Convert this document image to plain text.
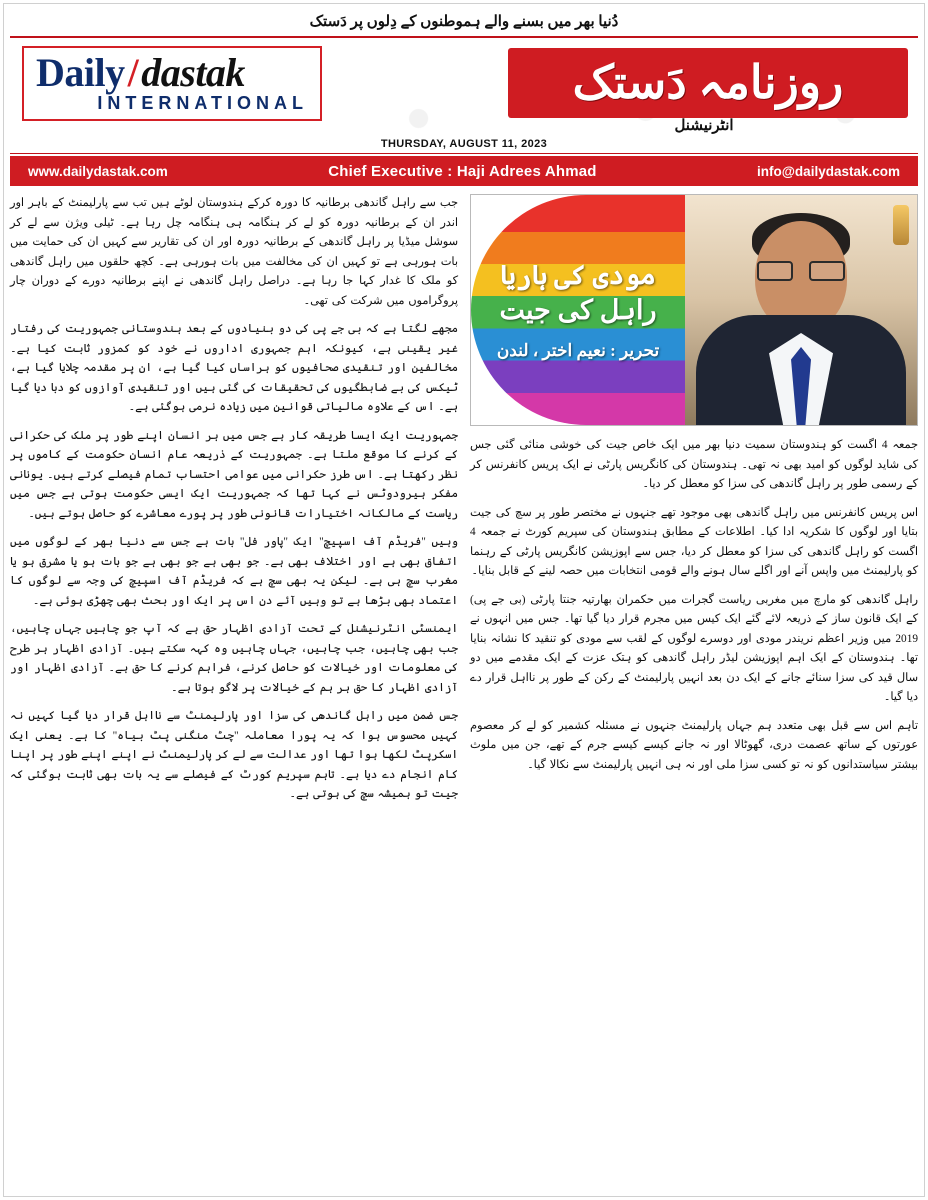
دُنیا بھر میں بسنے والے ہموطنوں کے دِلوں پر دَستک
Daily/dastak
INTERNATIONAL	روزنامہ دَستک
انٹرنیشنل
THURSDAY, AUGUST 11, 2023
www.dailydastak.com	Chief Executive : Haji Adrees Ahmad	info@dailydastak.com

جب سے راہل گاندھی برطانیہ کا دورہ کرکے ہندوستان لوٹے ہیں تب سے پارلیمنٹ کے باہر اور اندر ان کے برطانیہ دورہ کو لے کر ہنگامہ ہی ہنگامہ چل رہا ہے۔ ٹیلی ویژن سے لے کر سوشل میڈیا پر راہل گاندھی کے برطانیہ دورہ اور ان کی تقاریر سے کہیں ان کی حمایت میں بات ہورہی ہے تو کہیں ان کی مخالفت میں بات ہورہی ہے۔ کچھ حلقوں میں راہل گاندھی کو ملک کا غدار کہا جا رہا ہے۔ دراصل راہل گاندھی نے اپنے برطانیہ دورے کے دوران چار پروگراموں میں شرکت کی تھی۔

مجھے لگتا ہے کہ بی جے پی کی دو بنیادوں کے بعد ہندوستانی جمہوریت کی رفتار غیر یقینی ہے، کیونکہ اہم جمہوری اداروں نے خود کو کمزور ثابت کیا ہے۔ مخالفین اور تنقیدی صحافیوں کو ہراساں کیا گیا ہے، ان پر مقدمہ چلایا گیا ہے، ٹیکس کی بے ضابطگیوں کی تحقیقات کی گئی ہیں اور تنقیدی آوازوں کو دبا دیا گیا ہے۔ اس کے علاوہ مالیاتی قوانین میں زیادہ نرمی ہوگئی ہے۔

جمہوریت ایک ایسا طریقہ کار ہے جس میں ہر انسان اپنے طور پر ملک کی حکرانی کے کرنے کا موقع ملتا ہے۔ جمہوریت کے ذریعہ عام انسان حکومت کے کاموں پر نظر رکھتا ہے۔ اس طرز حکرانی میں عوامی احتساب تمام فیصلے کرتے ہیں۔ یونانی مفکر ہیرودوٹس نے کہا تھا کہ جمہوریت ایک ایسی حکومت ہوتی ہے جس میں ریاست کے مالکانہ اختیارات قانونی طور پر پورے معاشرے کو حاصل ہوتے ہیں۔

وہیں "فریڈم آف اسپیچ" ایک "پاور فل" بات ہے جس سے دنیا بھر کے لوگوں میں اتفاق بھی ہے اور اختلاف بھی ہے۔ جو بھی ہے جو بھی ہے جو بات ہو یا مشرق ہو یا مغرب سچ ہی ہے۔ لیکن یہ بھی سچ ہے کہ فریڈم آف اسپیچ کی وجہ سے لوگوں کا اعتماد بھی بڑھا ہے تو وہیں آئے دن اس پر ایک اور بحث بھی چھڑی ہوئی ہے۔

ایمنسٹی انٹرنیشنل کے تحت آزادی اظہار حق ہے کہ آپ جو چاہیں جہاں چاہیں، جب بھی چاہیں، جب چاہیں، جہاں چاہیں وہ کہہ سکتے ہیں۔ آزادی اظہار ہر طرح کی معلومات اور خیالات کو حاصل کرنے، فراہم کرنے کا حق ہے۔ آزادی اظہار اور آزادی اظہار کا حق ہر ہم کے خیالات پر لاگو ہوتا ہے۔

جس ضمن میں راہل گاندھی کی سزا اور پارلیمنٹ سے نااہل قرار دیا گیا کہیں نہ کہیں محسوس ہوا کہ یہ پورا معاملہ "چٹ منگنی پٹ بیاہ" کا ہے۔ یعنی ایک اسکرپٹ لکھا ہوا تھا اور عدالت سے لے کر پارلیمنٹ نے اپنے اپنے طور پر اپنا کام انجام دے دیا ہے۔ تاہم سپریم کورٹ کے فیصلے سے یہ بات بھی ثابت ہوگئی کہ جیت تو ہمیشہ سچ کی ہوتی ہے۔

مودی کی ہاریا
راہل کی جیت
تحریر : نعیم اختر ، لندن

جمعہ 4 اگست کو ہندوستان سمیت دنیا بھر میں ایک خاص جیت کی خوشی منائی گئی جس کی شاید لوگوں کو امید بھی نہ تھی۔ ہندوستان کی کانگریس پارٹی نے ایک پریس کانفرنس کر کے رسمی طور پر راہل گاندھی کی سزا کو معطل کر دیا۔

اس پریس کانفرنس میں راہل گاندھی بھی موجود تھے جنہوں نے مختصر طور پر سچ کی جیت بتایا اور لوگوں کا شکریہ ادا کیا۔ اطلاعات کے مطابق ہندوستان کی سپریم کورٹ نے جمعہ 4 اگست کو راہل گاندھی کی سزا کو معطل کر دیا، جس سے اپوزیشن کانگریس پارٹی کے رہنما کو پارلیمنٹ میں واپس آنے اور اگلے سال ہونے والے قومی انتخابات میں حصہ لینے کے قابل بنایا۔

راہل گاندھی کو مارچ میں مغربی ریاست گجرات میں حکمران بھارتیہ جنتا پارٹی (بی جے پی) کے ایک قانون ساز کے ذریعہ لائے گئے ایک کیس میں مجرم قرار دیا گیا تھا۔ جس میں انہوں نے 2019 میں وزیر اعظم نریندر مودی اور دوسرے لوگوں کے لقب سے مودی کو تنقید کا نشانہ بنایا تھا۔ ہندوستان کے ایک اہم اپوزیشن لیڈر راہل گاندھی کو ہتک عزت کے ایک مقدمے میں دو سال قید کی سزا سنائے جانے کے ایک دن بعد انہیں پارلیمنٹ کے رکن کے طور پر نااہل قرار دے دیا گیا۔

تاہم اس سے قبل بھی متعدد ہم جہاں پارلیمنٹ جنہوں نے مسئلہ کشمیر کو لے کر معصوم عورتوں کے ساتھ عصمت دری، گھوٹالا اور نہ جانے کیسے کیسے جرم کے تھے، جن میں ملوث بیشتر سیاستدانوں کو نہ تو کسی سزا ملی اور نہ ہی انہیں پارلیمنٹ سے نکالا گیا۔
